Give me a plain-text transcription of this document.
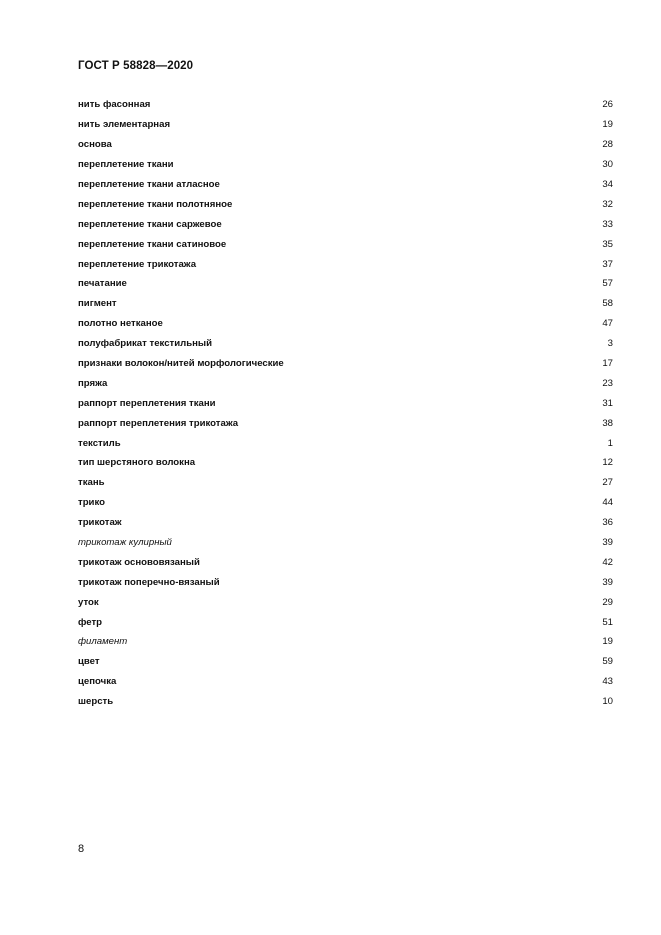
ГОСТ Р 58828—2020
нить фасонная	26
нить элементарная	19
основа	28
переплетение ткани	30
переплетение ткани атласное	34
переплетение ткани полотняное	32
переплетение ткани саржевое	33
переплетение ткани сатиновое	35
переплетение трикотажа	37
печатание	57
пигмент	58
полотно нетканое	47
полуфабрикат текстильный	3
признаки волокон/нитей морфологические	17
пряжа	23
раппорт переплетения ткани	31
раппорт переплетения трикотажа	38
текстиль	1
тип шерстяного волокна	12
ткань	27
трико	44
трикотаж	36
трикотаж кулирный	39
трикотаж основовязаный	42
трикотаж поперечно-вязаный	39
уток	29
фетр	51
филамент	19
цвет	59
цепочка	43
шерсть	10
8
